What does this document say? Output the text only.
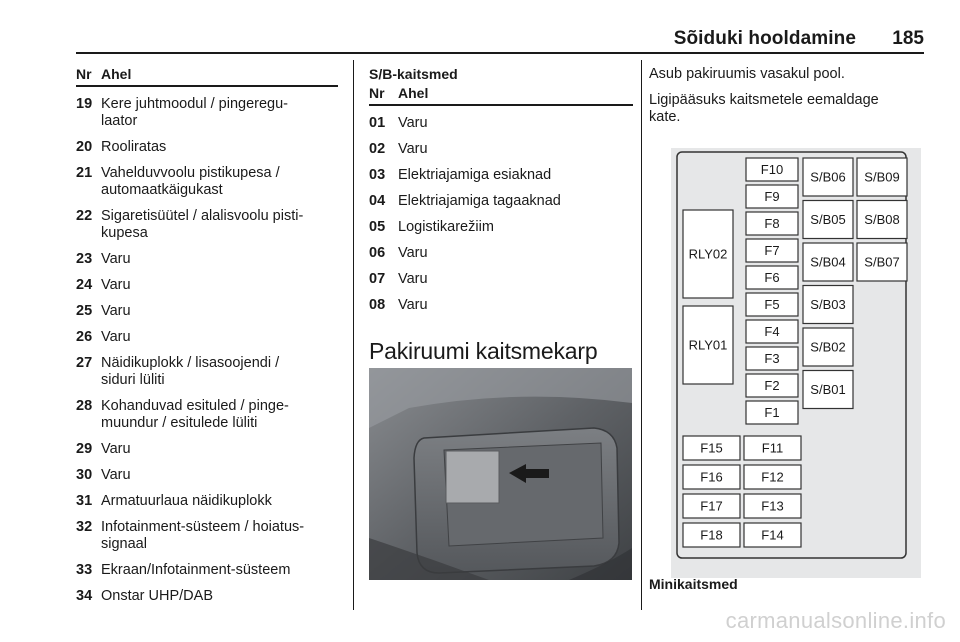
Sõiduki hooldamine 185
Nr Ahel
19 Kere juhtmoodul / pingeregu-
laator
20 Rooliratas
21 Vahelduvvoolu pistikupesa /
automaatkäigukast
22 Sigaretisüütel / alalisvoolu pisti-
kupesa
23 Varu
24 Varu
25 Varu
26 Varu
27 Näidikuplokk / lisasoojendi /
siduri lüliti
28 Kohanduvad esituled / pinge-
muundur / esitulede lüliti
29 Varu
30 Varu
31 Armatuurlaua näidikuplokk
32 Infotainment-süsteem / hoiatus-
signaal
33 Ekraan/Infotainment-süsteem
34 Onstar UHP/DAB
S/B-kaitsmed
Nr Ahel
01 Varu
02 Varu
03 Elektriajamiga esiaknad
04 Elektriajamiga tagaaknad
05 Logistikarežiim
06 Varu
07 Varu
08 Varu
Pakiruumi kaitsmekarp
Asub pakiruumis vasakul pool.
Ligipääsuks kaitsmetele eemaldage
kate.
F10
F9
F8
F7
F6
F5
F4
F3
F2
F1
S/B06
S/B05
S/B04
S/B03
S/B02
S/B01
S/B09
S/B08
S/B07
RLY02
RLY01
F15
F16
F17
F18
F11
F12
F13
F14
Minikaitsmed
carmanualsonline.info
